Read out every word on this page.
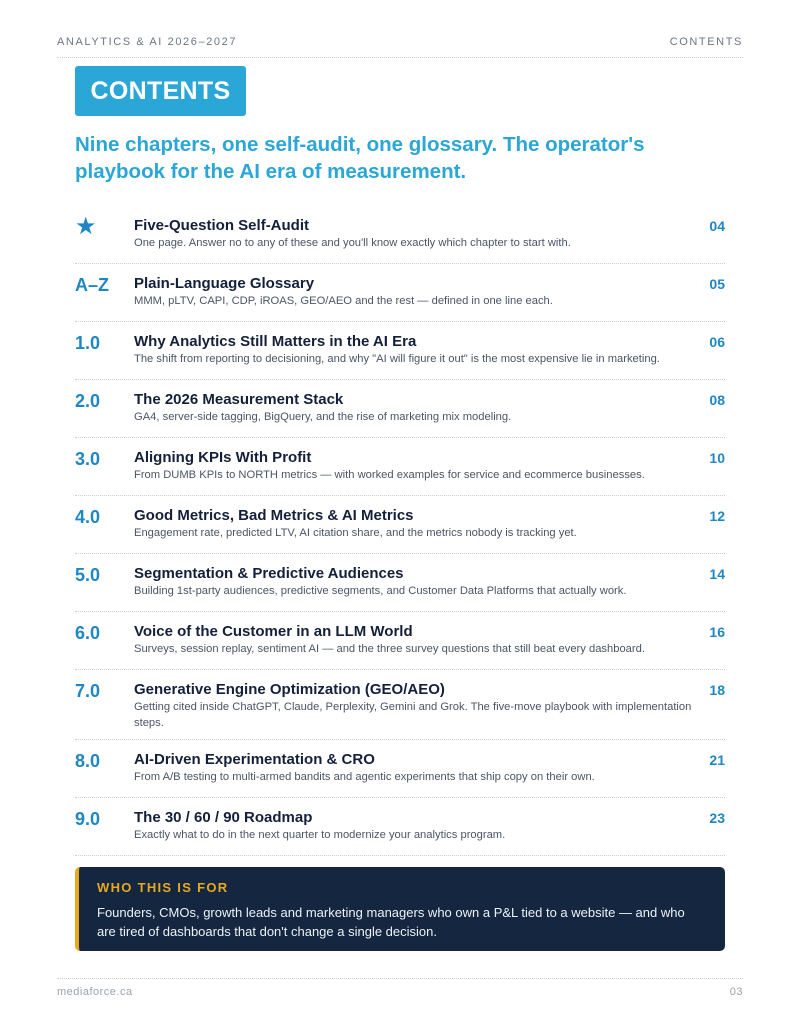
ANALYTICS & AI 2026–2027	CONTENTS
CONTENTS

Nine chapters, one self-audit, one glossary. The operator's playbook for the AI era of measurement.

★	Five-Question Self-Audit
One page. Answer no to any of these and you'll know exactly which chapter to start with.
04
A–Z	Plain-Language Glossary
MMM, pLTV, CAPI, CDP, iROAS, GEO/AEO and the rest — defined in one line each.
05
1.0	Why Analytics Still Matters in the AI Era
The shift from reporting to decisioning, and why "AI will figure it out" is the most expensive lie in marketing.
06
2.0	The 2026 Measurement Stack
GA4, server-side tagging, BigQuery, and the rise of marketing mix modeling.
08
3.0	Aligning KPIs With Profit
From DUMB KPIs to NORTH metrics — with worked examples for service and ecommerce businesses.
10
4.0	Good Metrics, Bad Metrics & AI Metrics
Engagement rate, predicted LTV, AI citation share, and the metrics nobody is tracking yet.
12
5.0	Segmentation & Predictive Audiences
Building 1st-party audiences, predictive segments, and Customer Data Platforms that actually work.
14
6.0	Voice of the Customer in an LLM World
Surveys, session replay, sentiment AI — and the three survey questions that still beat every dashboard.
16
7.0	Generative Engine Optimization (GEO/AEO)
Getting cited inside ChatGPT, Claude, Perplexity, Gemini and Grok. The five-move playbook with implementation steps.
18
8.0	AI-Driven Experimentation & CRO
From A/B testing to multi-armed bandits and agentic experiments that ship copy on their own.
21
9.0	The 30 / 60 / 90 Roadmap
Exactly what to do in the next quarter to modernize your analytics program.
23
WHO THIS IS FOR
Founders, CMOs, growth leads and marketing managers who own a P&L tied to a website — and who are tired of dashboards that don't change a single decision.
mediaforce.ca	03
